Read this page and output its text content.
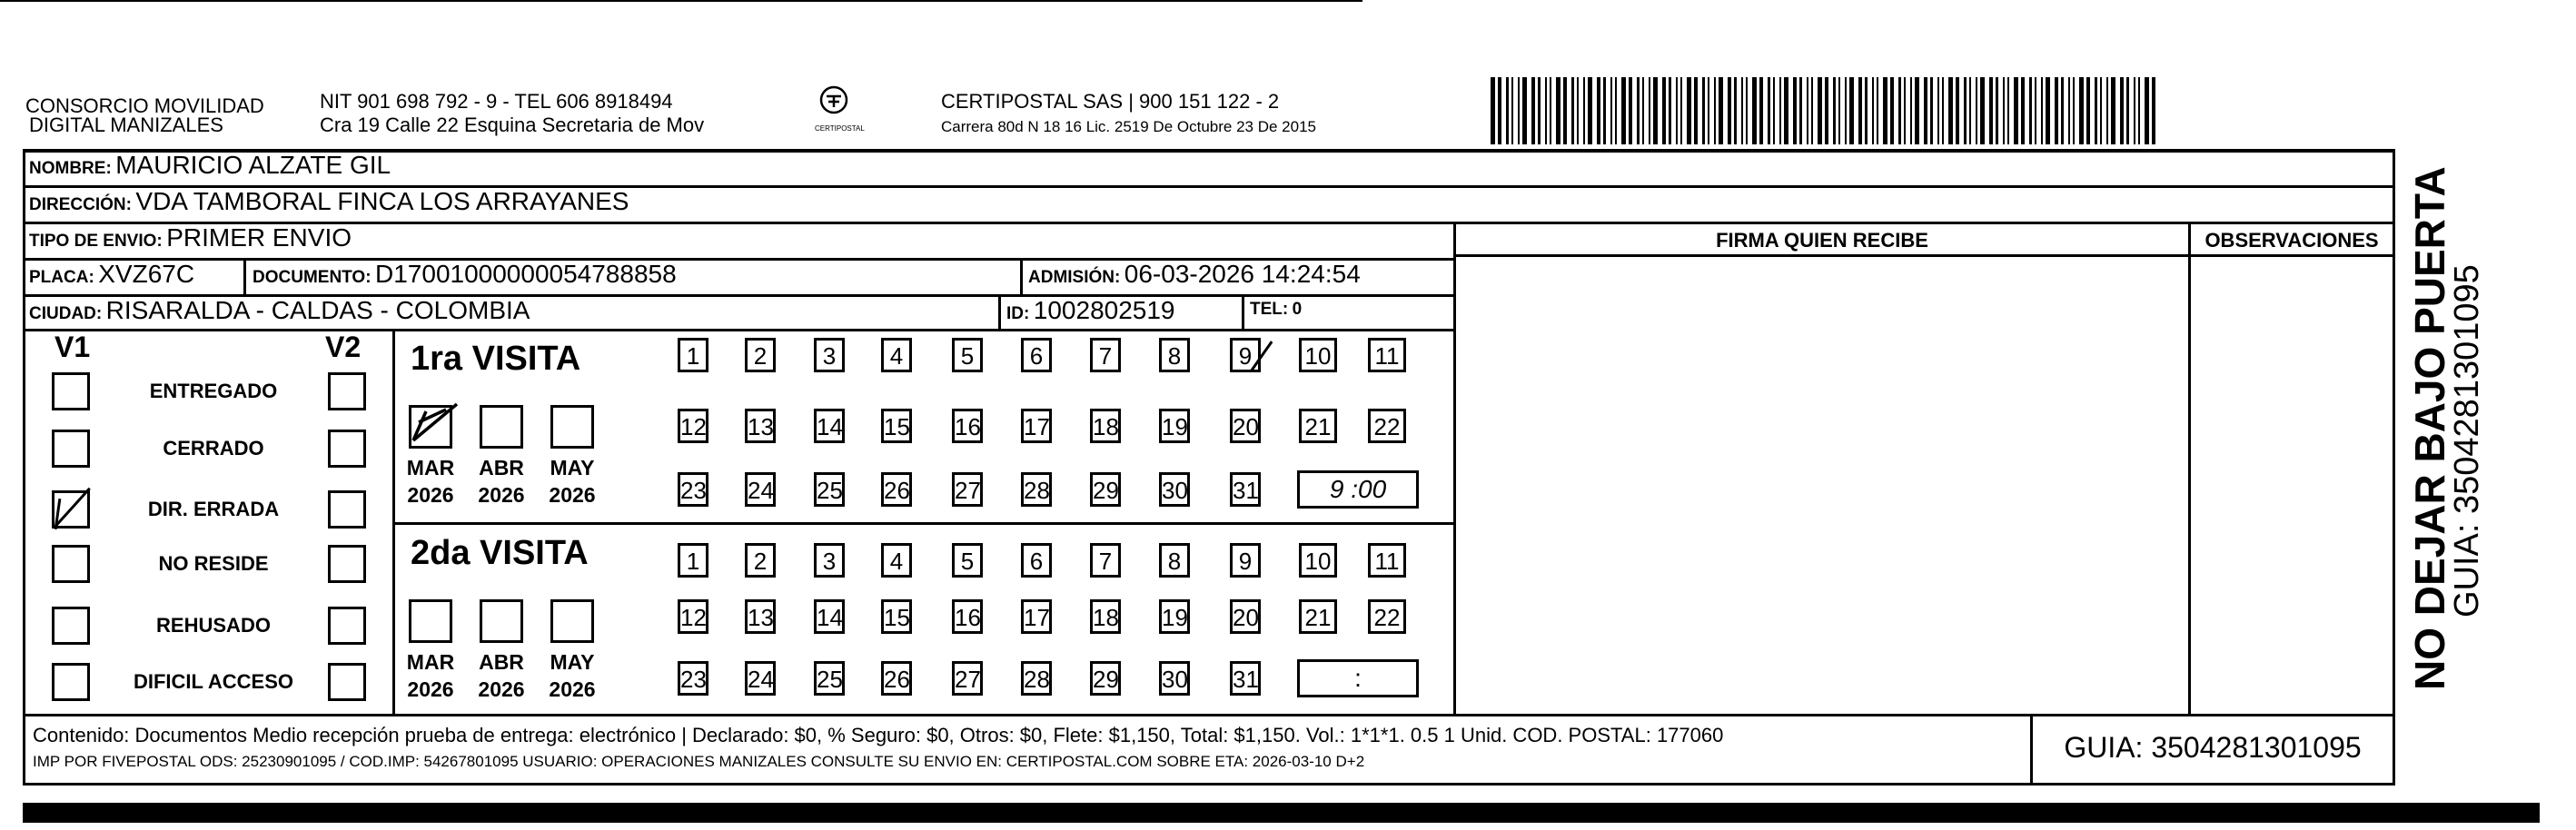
CONSORCIO MOVILIDAD
DIGITAL MANIZALES
NIT 901 698 792 - 9 - TEL 606 8918494
Cra 19 Calle 22 Esquina Secretaria de Mov	CERTIPOSTAL
CERTIPOSTAL SAS | 900 151 122 - 2
Carrera 80d N 18 16 Lic. 2519 De Octubre 23 De 2015
NOMBRE: MAURICIO ALZATE GIL
DIRECCIÓN: VDA TAMBORAL FINCA LOS ARRAYANES
TIPO DE ENVIO: PRIMER ENVIO	FIRMA QUIEN RECIBE	OBSERVACIONES
PLACA: XVZ67C	DOCUMENTO: D17001000000054788858	ADMISIÓN: 06-03-2026 14:24:54
CIUDAD: RISARALDA - CALDAS - COLOMBIA	ID: 1002802519	TEL: 0
V1	V2
ENTREGADO
CERRADO
DIR. ERRADA
NO RESIDE
REHUSADO
DIFICIL ACCESO
1ra VISITA
MAR
2026
ABR
2026
MAY
2026
1	2	3	4	5	6	7	8	9	10 11
12 13 14 15 16 17 18 19 20 21 22
23 24 25 26 27 28 29 30 31	9 :00
2da VISITA
MAR
2026
ABR
2026
MAY
2026
1	2	3	4	5	6	7	8	9	10 11
12 13 14 15 16 17 18 19 20 21 22
23 24 25 26 27 28 29 30 31	:
Contenido: Documentos Medio recepción prueba de entrega: electrónico | Declarado: $0, % Seguro: $0, Otros: $0, Flete: $1,150, Total: $1,150. Vol.: 1*1*1. 0.5 1 Unid. COD. POSTAL: 177060
IMP POR FIVEPOSTAL ODS: 25230901095 / COD.IMP: 54267801095 USUARIO: OPERACIONES MANIZALES CONSULTE SU ENVIO EN: CERTIPOSTAL.COM SOBRE ETA: 2026-03-10 D+2	GUIA: 3504281301095
NO DEJAR BAJO PUERTA
GUIA: 3504281301095
